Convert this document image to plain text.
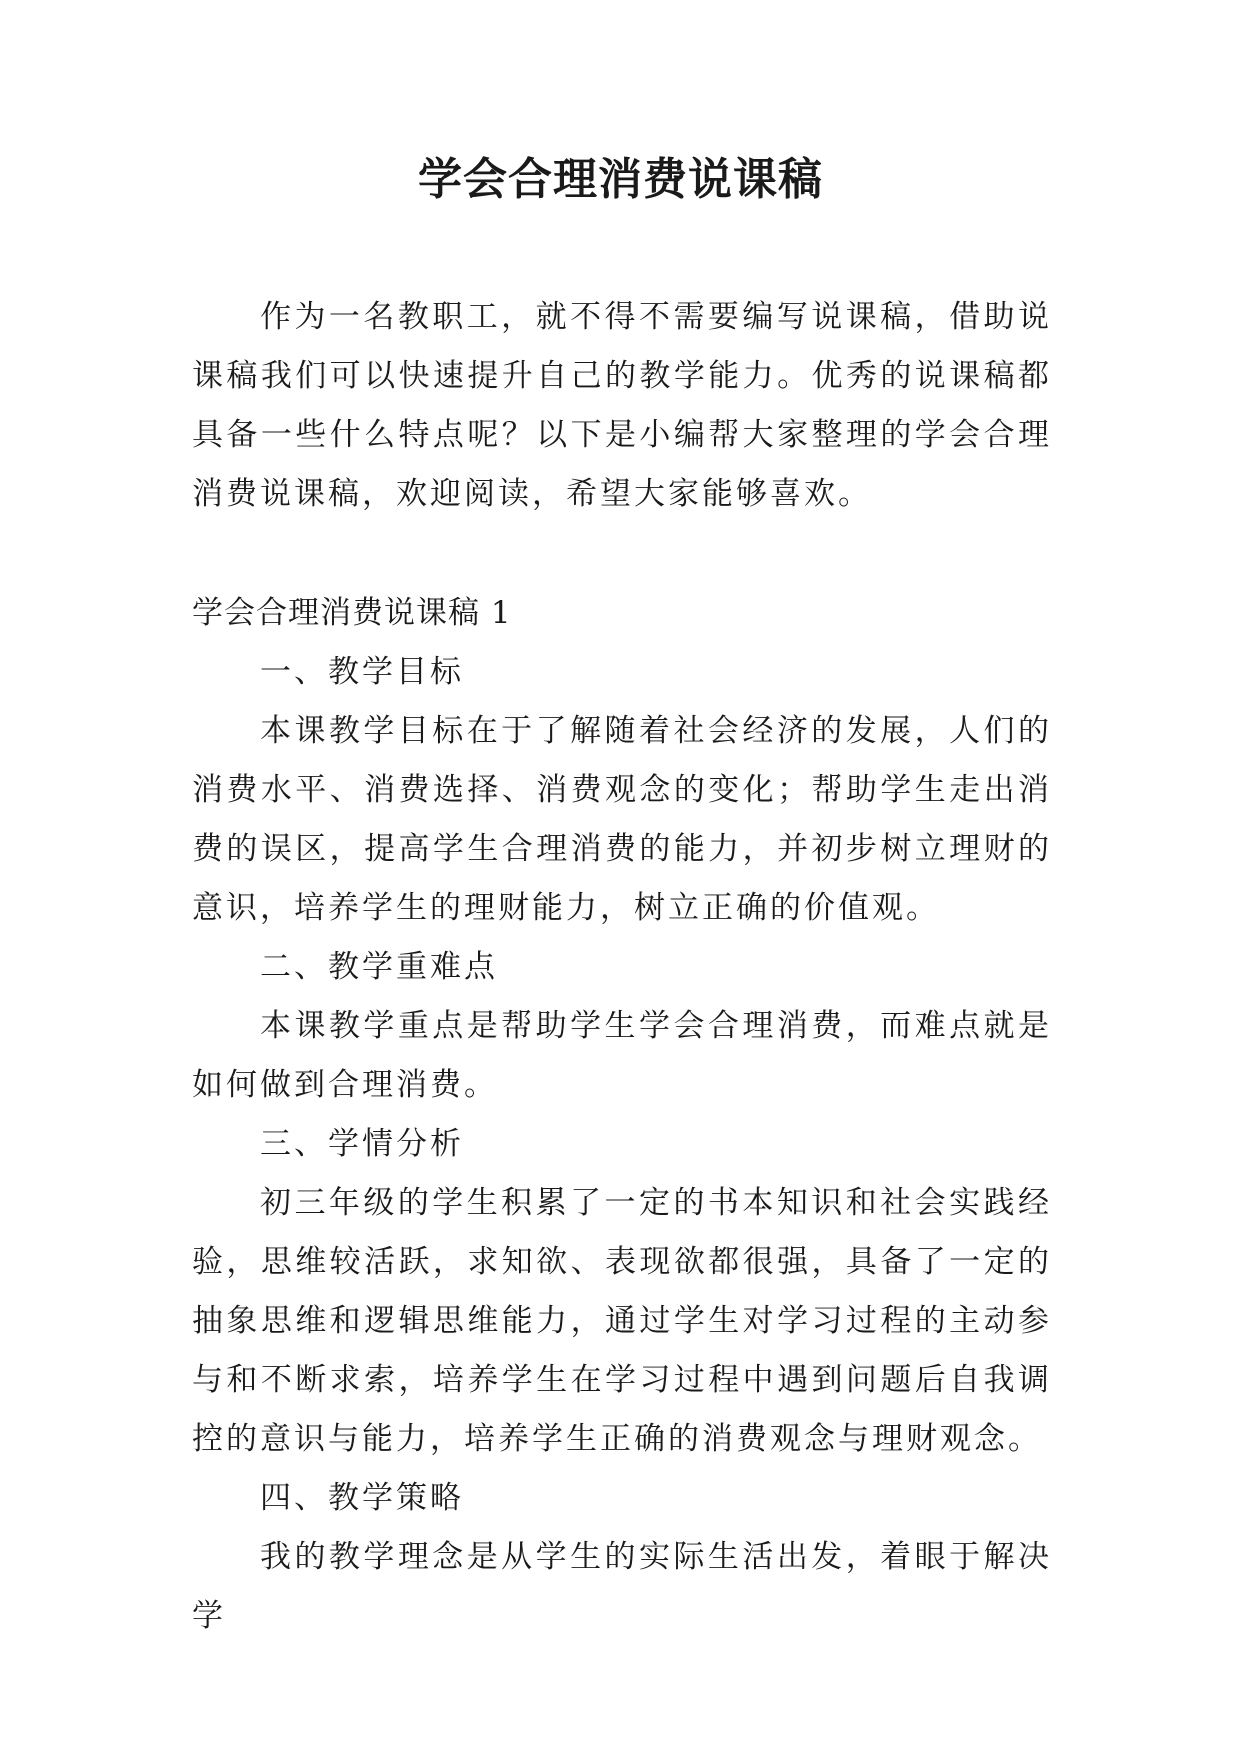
学会合理消费说课稿

作为一名教职工，就不得不需要编写说课稿，借助说课稿我们可以快速提升自己的教学能力。优秀的说课稿都具备一些什么特点呢？以下是小编帮大家整理的学会合理消费说课稿，欢迎阅读，希望大家能够喜欢。

学会合理消费说课稿 1

一、教学目标

本课教学目标在于了解随着社会经济的发展，人们的消费水平、消费选择、消费观念的变化；帮助学生走出消费的误区，提高学生合理消费的能力，并初步树立理财的意识，培养学生的理财能力，树立正确的价值观。

二、教学重难点

本课教学重点是帮助学生学会合理消费，而难点就是如何做到合理消费。

三、学情分析

初三年级的学生积累了一定的书本知识和社会实践经验，思维较活跃，求知欲、表现欲都很强，具备了一定的抽象思维和逻辑思维能力，通过学生对学习过程的主动参与和不断求索，培养学生在学习过程中遇到问题后自我调控的意识与能力，培养学生正确的消费观念与理财观念。

四、教学策略

我的教学理念是从学生的实际生活出发，着眼于解决学
